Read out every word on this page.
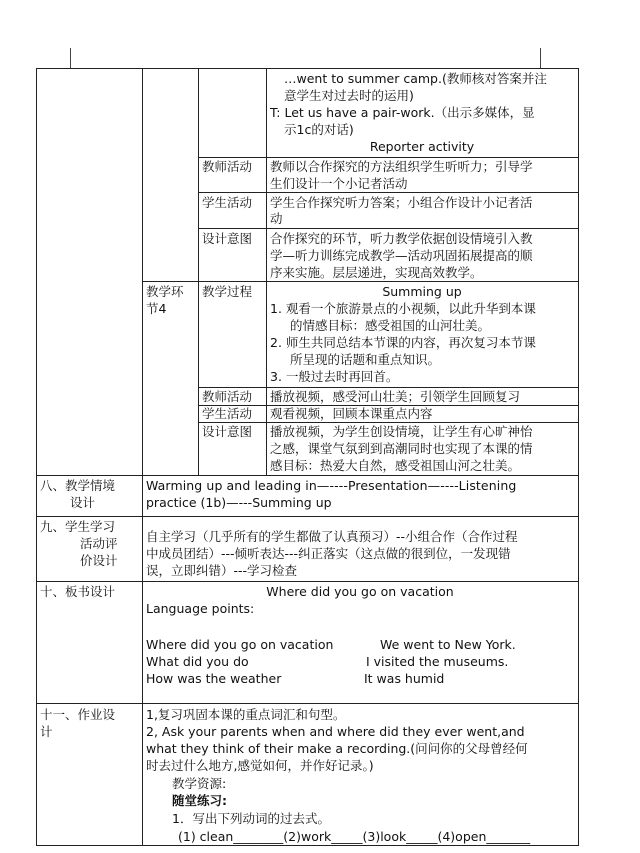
…went to summer camp.(教师核对答案并注
意学生对过去时的运用)
T: Let us have a pair-work.（出示多媒体，显
示1c的对话)
Reporter activity
教师活动 教师以合作探究的方法组织学生听听力；引导学
生们设计一个小记者活动
学生活动 学生合作探究听力答案；小组合作设计小记者活
动
设计意图 合作探究的环节，听力教学依据创设情境引入教
学—听力训练完成教学—活动巩固拓展提高的顺
序来实施。层层递进，实现高效教学。
教学环
节4
教学过程	Summing up
1. 观看一个旅游景点的小视频，以此升华到本课
的情感目标：感受祖国的山河壮美。
2. 师生共同总结本节课的内容，再次复习本节课
所呈现的话题和重点知识。
3. 一般过去时再回首。
教师活动 播放视频，感受河山壮美；引领学生回顾复习
学生活动 观看视频，回顾本课重点内容
设计意图 播放视频，为学生创设情境，让学生有心旷神怡
之感，课堂气氛到到高潮同时也实现了本课的情
感目标：热爱大自然，感受祖国山河之壮美。
八、教学情境
设计
Warming up and leading in—----Presentation—----Listening
practice (1b)—---Summing up
九、学生学习
活动评
价设计
自主学习（几乎所有的学生都做了认真预习）--小组合作（合作过程
中成员团结）---倾听表达---纠正落实（这点做的很到位，一发现错
误，立即纠错）---学习检查
十、板书设计	Where did you go on vacation
Language points:
Where did you go on vacation	We went to New York.
What did you do	I visited the museums.
How was the weather	It was humid
十一、作业设
计
1,复习巩固本课的重点词汇和句型。
2, Ask your parents when and where did they ever went,and
what they think of their make a recording.(问问你的父母曾经何
时去过什么地方,感觉如何，并作好记录。)
教学资源:
随堂练习:
1．写出下列动词的过去式。
(1) clean________(2)work_____(3)look_____(4)open_______
